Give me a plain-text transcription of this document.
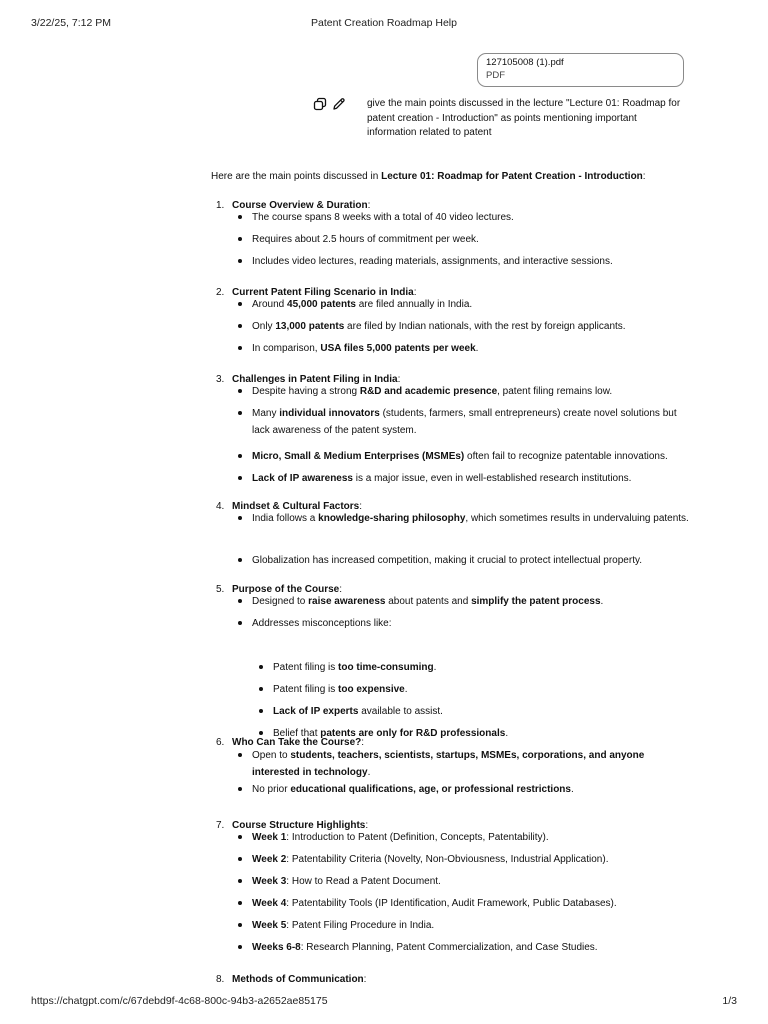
3/22/25, 7:12 PM	Patent Creation Roadmap Help
127105008 (1).pdf
PDF
give the main points discussed in the lecture "Lecture 01: Roadmap for patent creation - Introduction" as points mentioning important information related to patent
Here are the main points discussed in Lecture 01: Roadmap for Patent Creation - Introduction:
1. Course Overview & Duration:
The course spans 8 weeks with a total of 40 video lectures.
Requires about 2.5 hours of commitment per week.
Includes video lectures, reading materials, assignments, and interactive sessions.
2. Current Patent Filing Scenario in India:
Around 45,000 patents are filed annually in India.
Only 13,000 patents are filed by Indian nationals, with the rest by foreign applicants.
In comparison, USA files 5,000 patents per week.
3. Challenges in Patent Filing in India:
Despite having a strong R&D and academic presence, patent filing remains low.
Many individual innovators (students, farmers, small entrepreneurs) create novel solutions but lack awareness of the patent system.
Micro, Small & Medium Enterprises (MSMEs) often fail to recognize patentable innovations.
Lack of IP awareness is a major issue, even in well-established research institutions.
4. Mindset & Cultural Factors:
India follows a knowledge-sharing philosophy, which sometimes results in undervaluing patents.
Globalization has increased competition, making it crucial to protect intellectual property.
5. Purpose of the Course:
Designed to raise awareness about patents and simplify the patent process.
Addresses misconceptions like:
Patent filing is too time-consuming.
Patent filing is too expensive.
Lack of IP experts available to assist.
Belief that patents are only for R&D professionals.
6. Who Can Take the Course?:
Open to students, teachers, scientists, startups, MSMEs, corporations, and anyone interested in technology.
No prior educational qualifications, age, or professional restrictions.
7. Course Structure Highlights:
Week 1: Introduction to Patent (Definition, Concepts, Patentability).
Week 2: Patentability Criteria (Novelty, Non-Obviousness, Industrial Application).
Week 3: How to Read a Patent Document.
Week 4: Patentability Tools (IP Identification, Audit Framework, Public Databases).
Week 5: Patent Filing Procedure in India.
Weeks 6-8: Research Planning, Patent Commercialization, and Case Studies.
8. Methods of Communication:
https://chatgpt.com/c/67debd9f-4c68-800c-94b3-a2652ae85175	1/3
